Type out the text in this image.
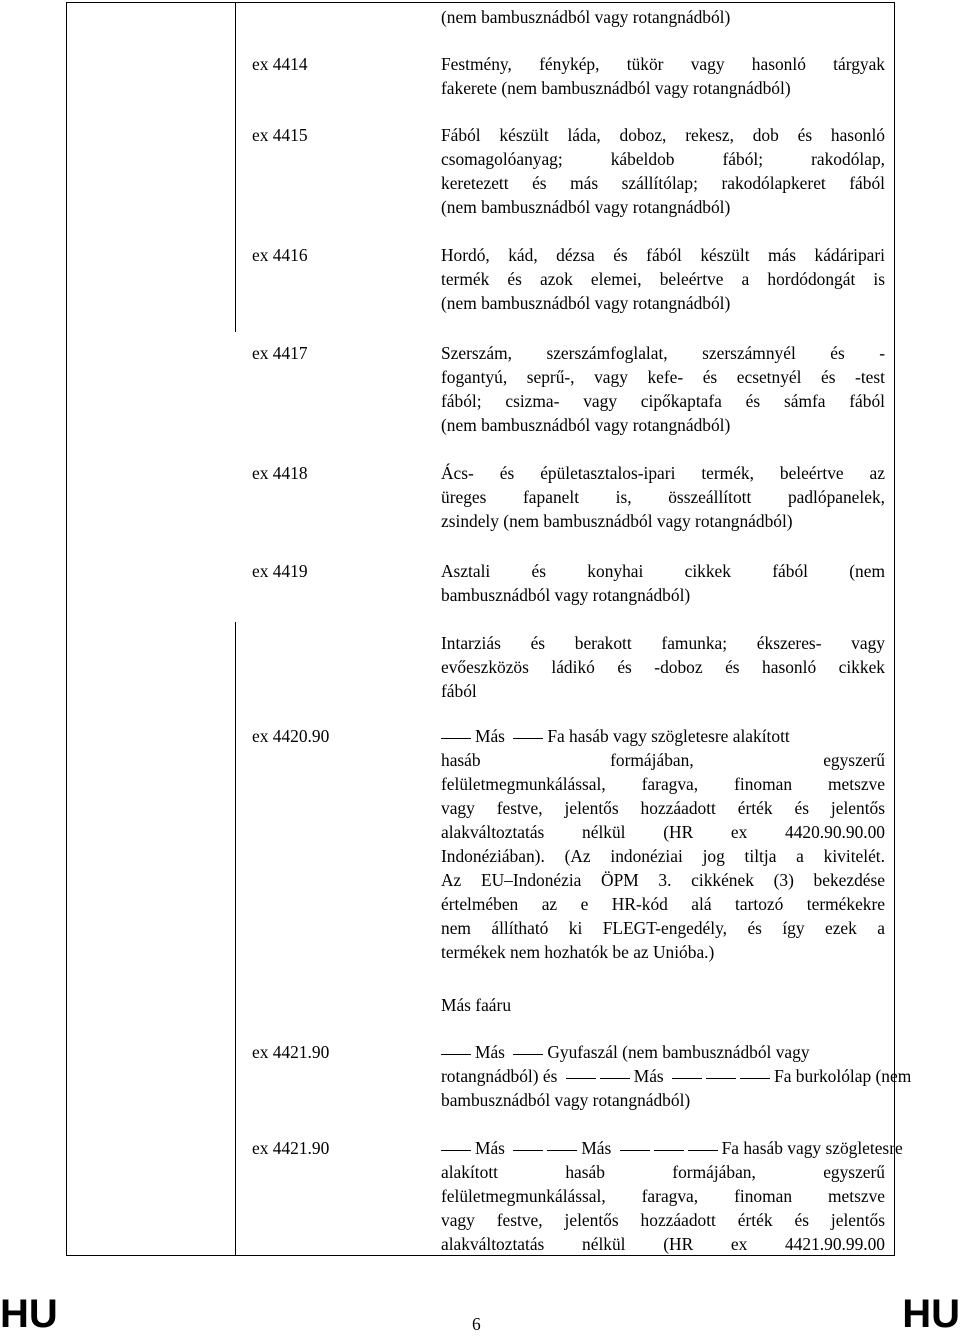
(nem bambusznádból vagy rotangnádból)
ex 4414	Festmény, fénykép, tükör vagy hasonló tárgyak
fakerete (nem bambusznádból vagy rotangnádból)
ex 4415	Fából készült láda, doboz, rekesz, dob és hasonló
csomagolóanyag; kábeldob fából; rakodólap,
keretezett és más szállítólap; rakodólapkeret fából
(nem bambusznádból vagy rotangnádból)
ex 4416	Hordó, kád, dézsa és fából készült más kádáripari
termék és azok elemei, beleértve a hordódongát is
(nem bambusznádból vagy rotangnádból)
ex 4417	Szerszám, szerszámfoglalat, szerszámnyél és -
fogantyú, seprű-, vagy kefe- és ecsetnyél és -test
fából; csizma- vagy cipőkaptafa és sámfa fából
(nem bambusznádból vagy rotangnádból)
ex 4418	Ács- és épületasztalos-ipari termék, beleértve az
üreges fapanelt is, összeállított padlópanelek,
zsindely (nem bambusznádból vagy rotangnádból)
ex 4419	Asztali és konyhai cikkek fából (nem
bambusznádból vagy rotangnádból)
Intarziás és berakott famunka; ékszeres- vagy
evőeszközös ládikó és -doboz és hasonló cikkek
fából
ex 4420.90	Más Fa hasáb vagy szögletesre alakított
hasáb formájában, egyszerű
felületmegmunkálással, faragva, finoman metszve
vagy festve, jelentős hozzáadott érték és jelentős
alakváltoztatás nélkül (HR ex 4420.90.90.00
Indonéziában). (Az indonéziai jog tiltja a kivitelét.
Az EU–Indonézia ÖPM 3. cikkének (3) bekezdése
értelmében az e HR-kód alá tartozó termékekre
nem állítható ki FLEGT-engedély, és így ezek a
termékek nem hozhatók be az Unióba.)
Más faáru
ex 4421.90	Más Gyufaszál (nem bambusznádból vagy
rotangnádból) és	Más	Fa burkolólap (nem
bambusznádból vagy rotangnádból)
ex 4421.90	Más	Más	Fa hasáb vagy szögletesre
alakított hasáb formájában, egyszerű
felületmegmunkálással, faragva, finoman metszve
vagy festve, jelentős hozzáadott érték és jelentős
alakváltoztatás nélkül (HR ex 4421.90.99.00
HU	6	HU
